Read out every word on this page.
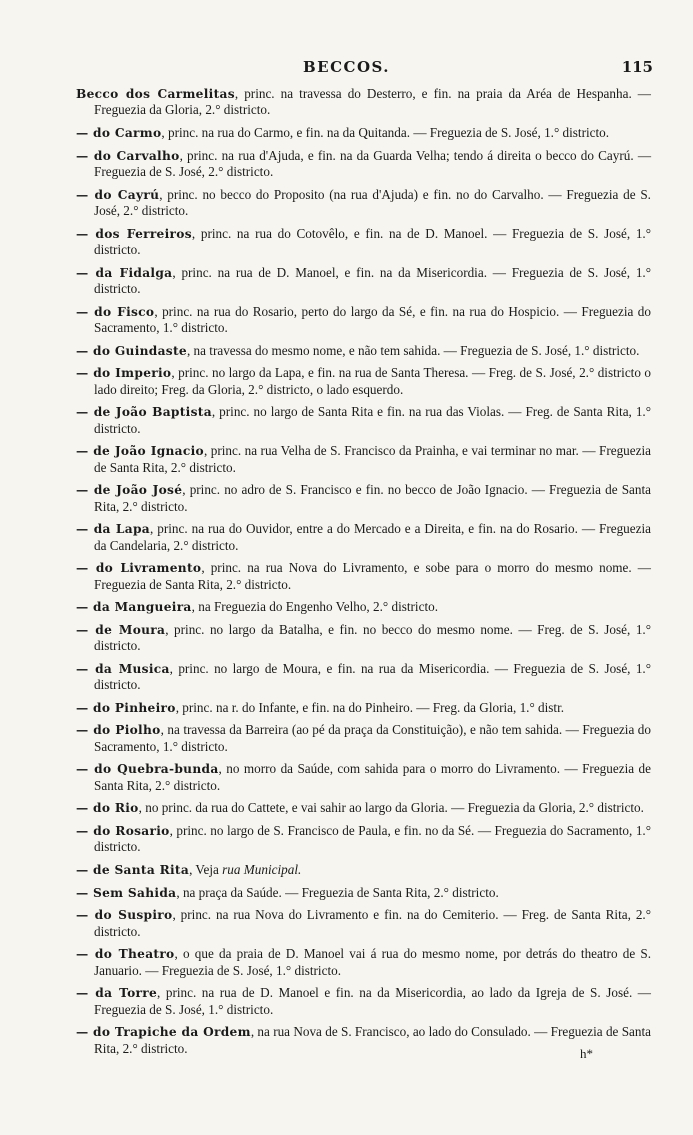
BECCOS.	115

Becco dos Carmelitas, princ. na travessa do Desterro, e fin. na praia da Aréa de Hespanha. — Freguezia da Gloria, 2.° districto.

— do Carmo, princ. na rua do Carmo, e fin. na da Quitanda. — Freguezia de S. José, 1.° districto.

— do Carvalho, princ. na rua d'Ajuda, e fin. na da Guarda Velha; tendo á direita o becco do Cayrú. — Freguezia de S. José, 2.° districto.

— do Cayrú, princ. no becco do Proposito (na rua d'Ajuda) e fin. no do Carvalho. — Freguezia de S. José, 2.° districto.

— dos Ferreiros, princ. na rua do Cotovêlo, e fin. na de D. Manoel. — Freguezia de S. José, 1.° districto.

— da Fidalga, princ. na rua de D. Manoel, e fin. na da Misericordia. — Freguezia de S. José, 1.° districto.

— do Fisco, princ. na rua do Rosario, perto do largo da Sé, e fin. na rua do Hospicio. — Freguezia do Sacramento, 1.° districto.

— do Guindaste, na travessa do mesmo nome, e não tem sahida. — Freguezia de S. José, 1.° districto.

— do Imperio, princ. no largo da Lapa, e fin. na rua de Santa Theresa. — Freg. de S. José, 2.° districto o lado direito; Freg. da Gloria, 2.° districto, o lado esquerdo.

— de João Baptista, princ. no largo de Santa Rita e fin. na rua das Violas. — Freg. de Santa Rita, 1.° districto.

— de João Ignacio, princ. na rua Velha de S. Francisco da Prainha, e vai terminar no mar. — Freguezia de Santa Rita, 2.° districto.

— de João José, princ. no adro de S. Francisco e fin. no becco de João Ignacio. — Freguezia de Santa Rita, 2.° districto.

— da Lapa, princ. na rua do Ouvidor, entre a do Mercado e a Direita, e fin. na do Rosario. — Freguezia da Candelaria, 2.° districto.

— do Livramento, princ. na rua Nova do Livramento, e sobe para o morro do mesmo nome. — Freguezia de Santa Rita, 2.° districto.

— da Mangueira, na Freguezia do Engenho Velho, 2.° districto.

— de Moura, princ. no largo da Batalha, e fin. no becco do mesmo nome. — Freg. de S. José, 1.° districto.

— da Musica, princ. no largo de Moura, e fin. na rua da Misericordia. — Freguezia de S. José, 1.° districto.

— do Pinheiro, princ. na r. do Infante, e fin. na do Pinheiro. — Freg. da Gloria, 1.° distr.

— do Piolho, na travessa da Barreira (ao pé da praça da Constituição), e não tem sahida. — Freguezia do Sacramento, 1.° districto.

— do Quebra-bunda, no morro da Saúde, com sahida para o morro do Livramento. — Freguezia de Santa Rita, 2.° districto.

— do Rio, no princ. da rua do Cattete, e vai sahir ao largo da Gloria. — Freguezia da Gloria, 2.° districto.

— do Rosario, princ. no largo de S. Francisco de Paula, e fin. no da Sé. — Freguezia do Sacramento, 1.° districto.

— de Santa Rita, Veja rua Municipal.

— Sem Sahida, na praça da Saúde. — Freguezia de Santa Rita, 2.° districto.

— do Suspiro, princ. na rua Nova do Livramento e fin. na do Cemiterio. — Freg. de Santa Rita, 2.° districto.

— do Theatro, o que da praia de D. Manoel vai á rua do mesmo nome, por detrás do theatro de S. Januario. — Freguezia de S. José, 1.° districto.

— da Torre, princ. na rua de D. Manoel e fin. na da Misericordia, ao lado da Igreja de S. José. — Freguezia de S. José, 1.° districto.

— do Trapiche da Ordem, na rua Nova de S. Francisco, ao lado do Consulado. — Freguezia de Santa Rita, 2.° districto.	h*
